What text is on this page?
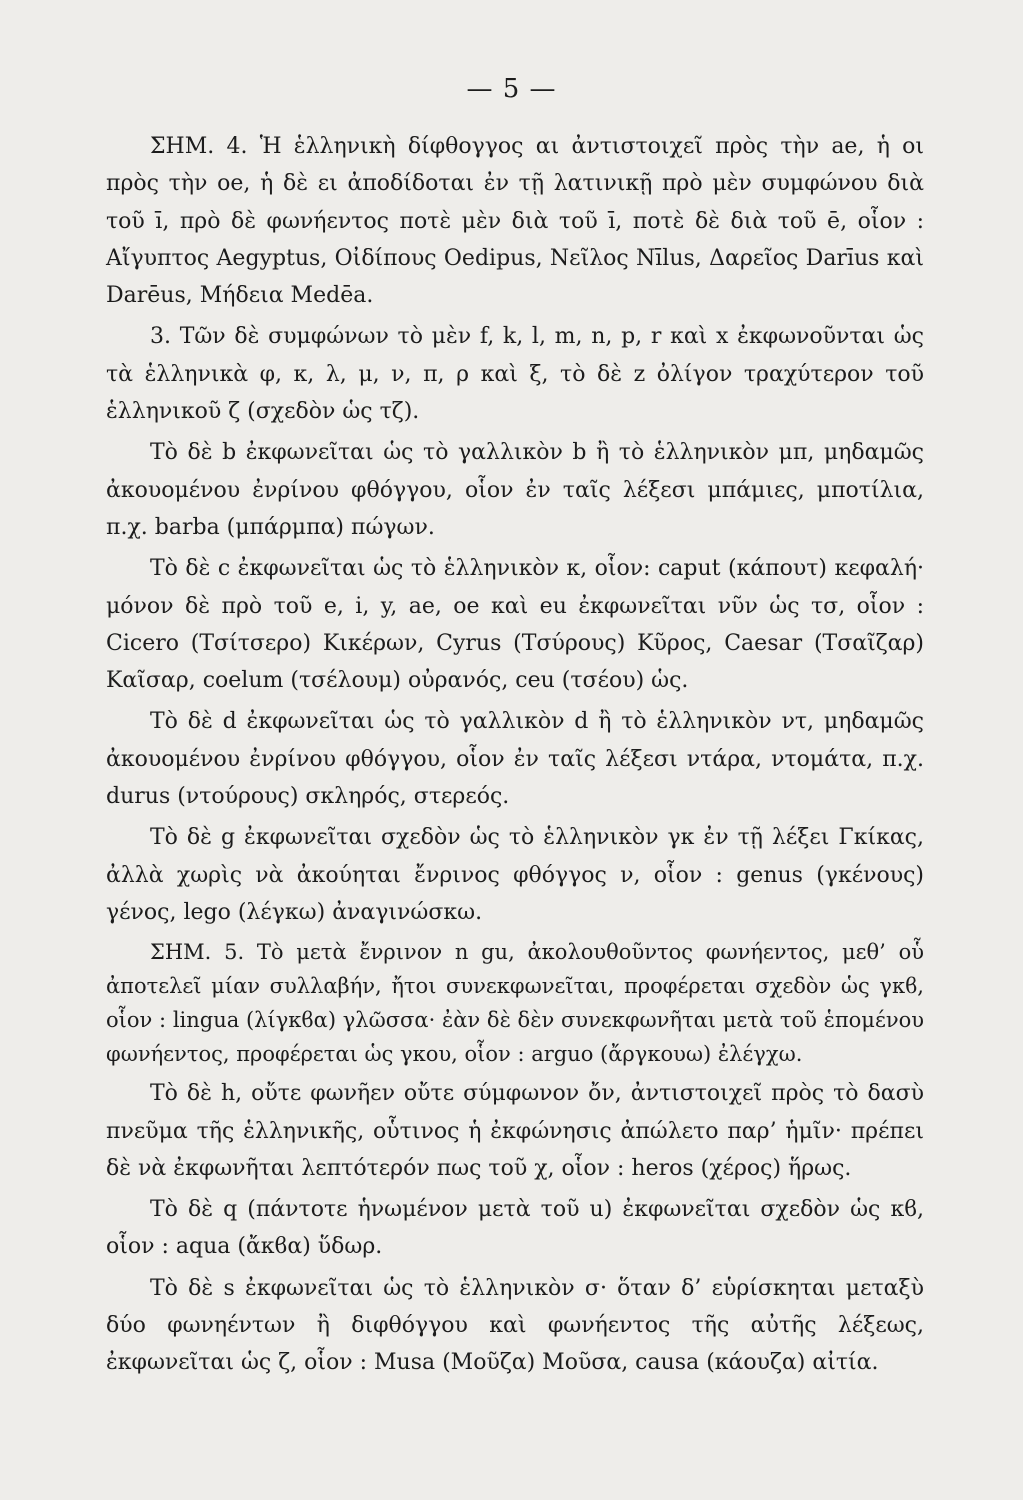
— 5 —

ΣΗΜ. 4. Ἡ ἑλληνικὴ δίφθογγος αι ἀντιστοιχεῖ πρὸς τὴν ae, ἡ οι πρὸς τὴν oe, ἡ δὲ ει ἀποδίδοται ἐν τῇ λατινικῇ πρὸ μὲν συμφώνου διὰ τοῦ ī, πρὸ δὲ φωνήεντος ποτὲ μὲν διὰ τοῦ ī, ποτὲ δὲ διὰ τοῦ ē, οἷον : Αἴγυπτος Aegyptus, Οἰδίπους Oedipus, Νεῖλος Nīlus, Δαρεῖος Darīus καὶ Darēus, Μήδεια Medēa.

3. Τῶν δὲ συμφώνων τὸ μὲν f, k, l, m, n, p, r καὶ x ἐκφωνοῦνται ὡς τὰ ἑλληνικὰ φ, κ, λ, μ, ν, π, ρ καὶ ξ, τὸ δὲ z ὀλίγον τραχύτερον τοῦ ἑλληνικοῦ ζ (σχεδὸν ὡς τζ).

Τὸ δὲ b ἐκφωνεῖται ὡς τὸ γαλλικὸν b ἢ τὸ ἑλληνικὸν μπ, μηδαμῶς ἀκουομένου ἐνρίνου φθόγγου, οἷον ἐν ταῖς λέξεσι μπάμιες, μποτίλια, π.χ. barba (μπάρμπα) πώγων.

Τὸ δὲ c ἐκφωνεῖται ὡς τὸ ἑλληνικὸν κ, οἷον: caput (κάπουτ) κεφαλή· μόνον δὲ πρὸ τοῦ e, i, y, ae, oe καὶ eu ἐκφωνεῖται νῦν ὡς τσ, οἷον : Cicero (Τσίτσερο) Κικέρων, Cyrus (Τσύρους) Κῦρος, Caesar (Τσαῖζαρ) Καῖσαρ, coelum (τσέλουμ) οὐρανός, ceu (τσέου) ὡς.

Τὸ δὲ d ἐκφωνεῖται ὡς τὸ γαλλικὸν d ἢ τὸ ἑλληνικὸν ντ, μηδαμῶς ἀκουομένου ἐνρίνου φθόγγου, οἷον ἐν ταῖς λέξεσι ντάρα, ντομάτα, π.χ. durus (ντούρους) σκληρός, στερεός.

Τὸ δὲ g ἐκφωνεῖται σχεδὸν ὡς τὸ ἑλληνικὸν γκ ἐν τῇ λέξει Γκίκας, ἀλλὰ χωρὶς νὰ ἀκούηται ἔνρινος φθόγγος ν, οἷον : genus (γκένους) γένος, lego (λέγκω) ἀναγινώσκω.

ΣΗΜ. 5. Τὸ μετὰ ἔνρινον n gu, ἀκολουθοῦντος φωνήεντος, μεθ’ οὗ ἀποτελεῖ μίαν συλλαβήν, ἤτοι συνεκφωνεῖται, προφέρεται σχεδὸν ὡς γκϐ, οἷον : lingua (λίγκϐα) γλῶσσα· ἐὰν δὲ δὲν συνεκφωνῆται μετὰ τοῦ ἑπομένου φωνήεντος, προφέρεται ὡς γκου, οἷον : arguo (ἄργκουω) ἐλέγχω.

Τὸ δὲ h, οὔτε φωνῆεν οὔτε σύμφωνον ὄν, ἀντιστοιχεῖ πρὸς τὸ δασὺ πνεῦμα τῆς ἑλληνικῆς, οὗτινος ἡ ἐκφώνησις ἀπώλετο παρ’ ἡμῖν· πρέπει δὲ νὰ ἐκφωνῆται λεπτότερόν πως τοῦ χ, οἷον : heros (χέρος) ἥρως.

Τὸ δὲ q (πάντοτε ἡνωμένον μετὰ τοῦ u) ἐκφωνεῖται σχεδὸν ὡς κϐ, οἷον : aqua (ἄκϐα) ὕδωρ.

Τὸ δὲ s ἐκφωνεῖται ὡς τὸ ἑλληνικὸν σ· ὅταν δ’ εὑρίσκηται μεταξὺ δύο φωνηέντων ἢ διφθόγγου καὶ φωνήεντος τῆς αὐτῆς λέξεως, ἐκφωνεῖται ὡς ζ, οἷον : Musa (Μοῦζα) Μοῦσα, causa (κάουζα) αἰτία.
